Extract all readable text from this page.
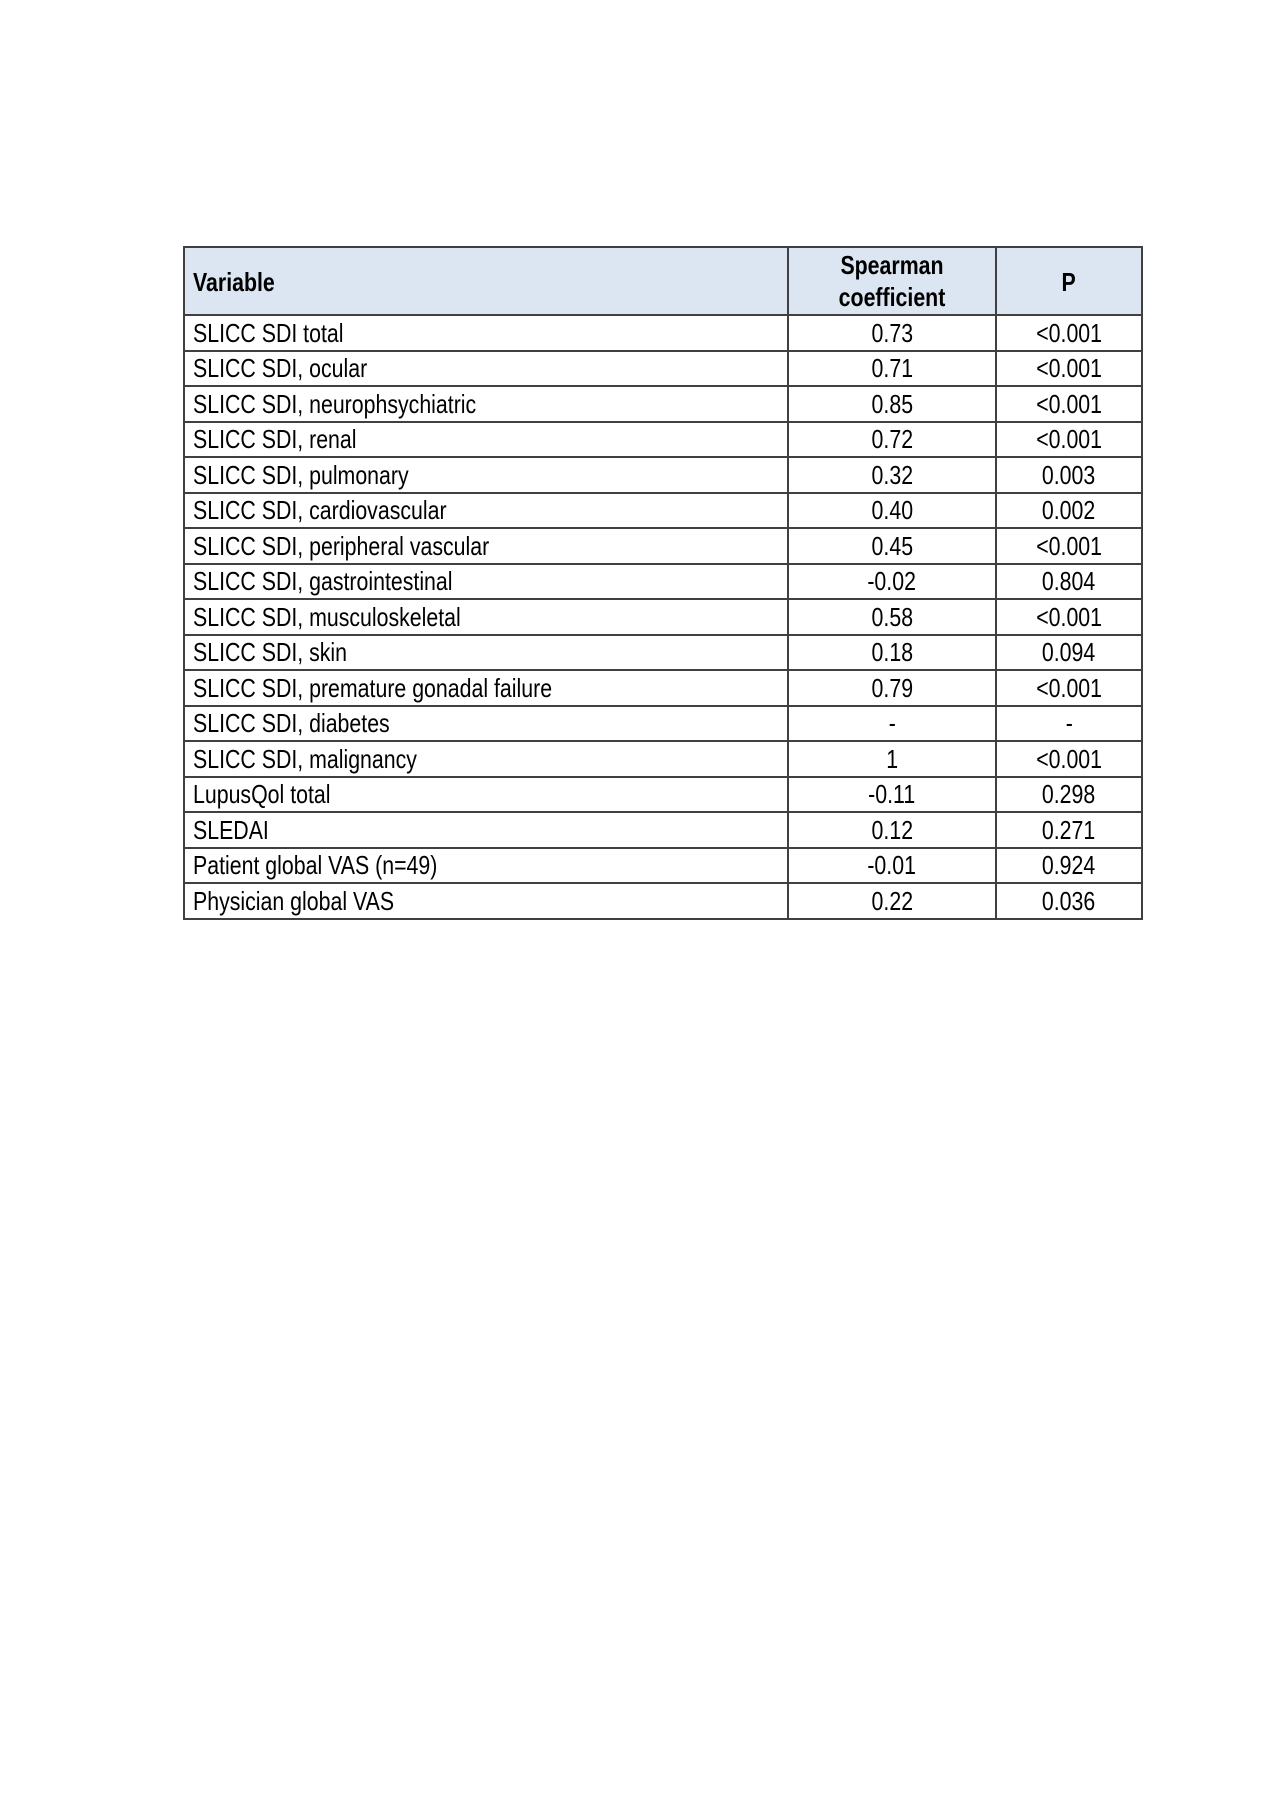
Variable	Spearman coefficient	P
SLICC SDI total	0.73	<0.001
SLICC SDI, ocular	0.71	<0.001
SLICC SDI, neurophsychiatric	0.85	<0.001
SLICC SDI, renal	0.72	<0.001
SLICC SDI, pulmonary	0.32	0.003
SLICC SDI, cardiovascular	0.40	0.002
SLICC SDI, peripheral vascular	0.45	<0.001
SLICC SDI, gastrointestinal	-0.02	0.804
SLICC SDI, musculoskeletal	0.58	<0.001
SLICC SDI, skin	0.18	0.094
SLICC SDI, premature gonadal failure	0.79	<0.001
SLICC SDI, diabetes	-	-
SLICC SDI, malignancy	1	<0.001
LupusQol total	-0.11	0.298
SLEDAI	0.12	0.271
Patient global VAS (n=49)	-0.01	0.924
Physician global VAS	0.22	0.036
